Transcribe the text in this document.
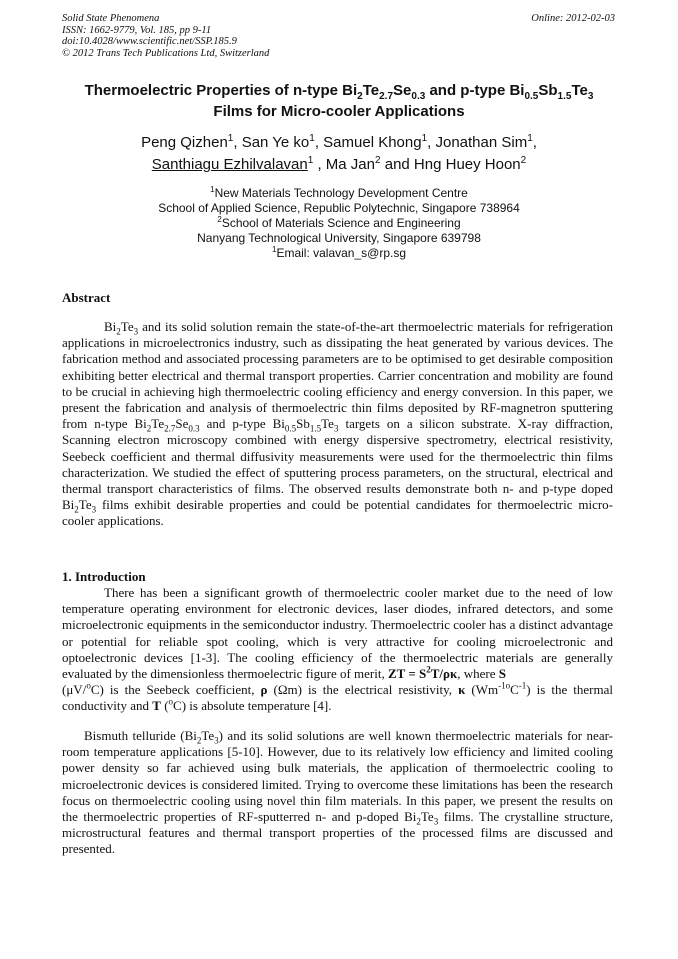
Solid State Phenomena
ISSN: 1662-9779, Vol. 185, pp 9-11
doi:10.4028/www.scientific.net/SSP.185.9
© 2012 Trans Tech Publications Ltd, Switzerland
Online: 2012-02-03
Thermoelectric Properties of n-type $Bi_2Te_{2.7}Se_{0.3}$ and p-type $Bi_{0.5}Sb_{1.5}Te_3$
Films for Micro-cooler Applications
Peng Qizhen$^1$, San Ye $ko^1$, Samuel Khong$^1$, Jonathan Sim$^1$,
Santhiagu Ezhilvalavan$^1$ , Ma Jan$^2$ and Hng Huey Hoon$^2$
$^1$New Materials Technology Development Centre
School of Applied Science, Republic Polytechnic, Singapore 738964
$^2$School of Materials Science and Engineering
Nanyang Technological University, Singapore 639798
$^1$Email: valavan_s@rp.sg
Abstract
$Bi_2Te_3$ and its solid solution remain the state-of-the-art thermoelectric materials for refrigeration applications in microelectronics industry, such as dissipating the heat generated by various devices. The fabrication method and associated processing parameters are to be optimised to get desirable composition exhibiting better electrical and thermal transport properties. Carrier concentration and mobility are found to be crucial in achieving high thermoelectric cooling efficiency and energy conversion. In this paper, we present the fabrication and analysis of thermoelectric thin films deposited by RF-magnetron sputtering from n-type $Bi_2Te_{2.7}Se_{0.3}$ and p-type $Bi_{0.5}Sb_{1.5}Te_3$ targets on a silicon substrate. X-ray diffraction, Scanning electron microscopy combined with energy dispersive spectrometry, electrical resistivity, Seebeck coefficient and thermal diffusivity measurements were used for the thermoelectric thin films characterization. We studied the effect of sputtering process parameters, on the structural, electrical and thermal transport characteristics of films. The observed results demonstrate both n- and p-type doped $Bi_2Te_3$ films exhibit desirable properties and could be potential candidates for thermoelectric micro-cooler applications.
1. Introduction
There has been a significant growth of thermoelectric cooler market due to the need of low temperature operating environment for electronic devices, laser diodes, infrared detectors, and some microelectronic equipments in the semiconductor industry. Thermoelectric cooler has a distinct advantage or potential for reliable spot cooling, which is very attractive for cooling microelectronic and optoelectronic devices [1-3]. The cooling efficiency of the thermoelectric materials are generally evaluated by the dimensionless thermoelectric figure of merit, ZT = $S^2T/\rho\kappa$, where S
(μV/$^o$C) is the Seebeck coefficient, ρ (Ωm) is the electrical resistivity, κ $(Wm^{-1o}C^{-1})$ is the thermal conductivity and T ($^o$C) is absolute temperature [4].
Bismuth telluride $(Bi_2Te_3)$ and its solid solutions are well known thermoelectric materials for near-room temperature applications [5-10]. However, due to its relatively low efficiency and limited cooling power density so far achieved using bulk materials, the application of thermoelectric cooling to microelectronic devices is considered limited. Trying to overcome these limitations has been the research focus on thermoelectric cooling using novel thin film materials. In this paper, we present the results on the thermoelectric properties of RF-sputterred n- and p-doped $Bi_2Te_3$ films. The crystalline structure, microstructural features and thermal transport properties of the processed films are discussed and presented.
